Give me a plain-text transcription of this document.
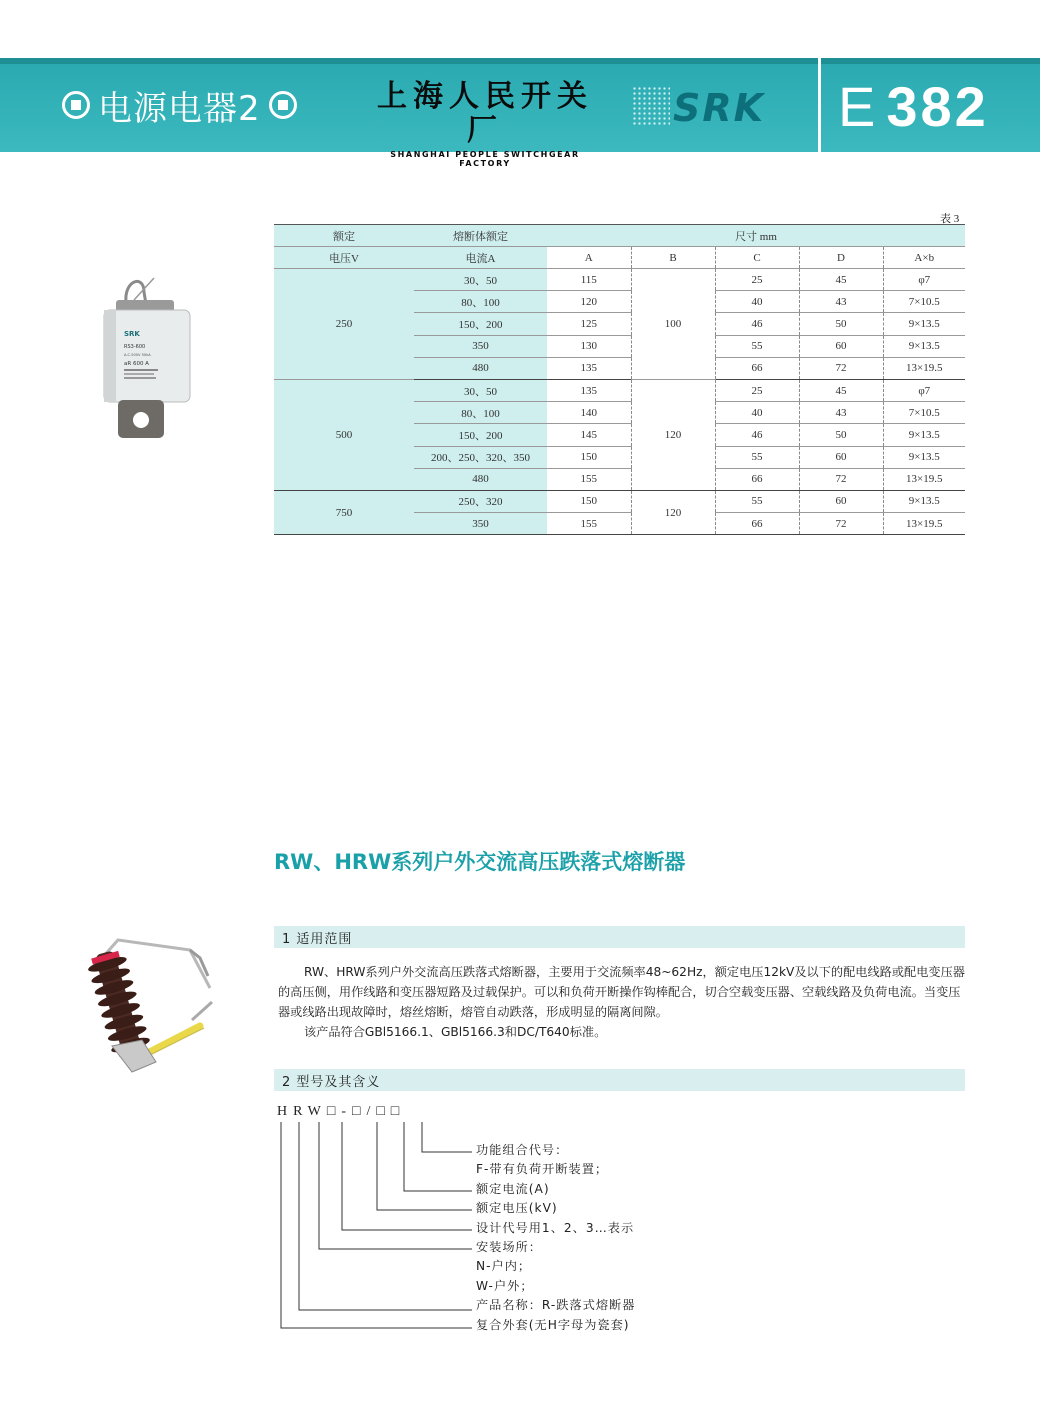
电源电器2	上海人民开关厂
SHANGHAI PEOPLE SWITCHGEAR FACTORY
SRK E 382
SRK
RS3-600
A.C.500V 50kA
aR 600 A
表 3
额定	熔断体额定	尺寸 mm				
电压V	电流A	A	B	C	D	A×b
250	30、50	115	100	25	45	φ7
	80、100	120		40	43	7×10.5
	150、200	125		46	50	9×13.5
	350	130		55	60	9×13.5
	480	135		66	72	13×19.5
500	30、50	135	120	25	45	φ7
	80、100	140		40	43	7×10.5
	150、200	145		46	50	9×13.5
	200、250、320、350	150		55	60	9×13.5
	480	155		66	72	13×19.5
750	250、320	150	120	55	60	9×13.5
	350	155		66	72	13×19.5
RW、HRW系列户外交流高压跌落式熔断器
1 适用范围

RW、HRW系列户外交流高压跌落式熔断器，主要用于交流频率48~62Hz，额定电压12kV及以下的配电线路或配电变压器的高压侧，用作线路和变压器短路及过载保护。可以和负荷开断操作钩棒配合，切合空载变压器、空载线路及负荷电流。当变压器或线路出现故障时，熔丝熔断，熔管自动跌落，形成明显的隔离间隙。

该产品符合GBl5166.1、GBl5166.3和DC/T640标准。

2 型号及其含义
HRW□-□/□□
功能组合代号：
F-带有负荷开断装置；
额定电流(A)
额定电压(kV)
设计代号用1、2、3…表示
安装场所：
N-户内；
W-户外；
产品名称：R-跌落式熔断器
复合外套(无H字母为瓷套)
